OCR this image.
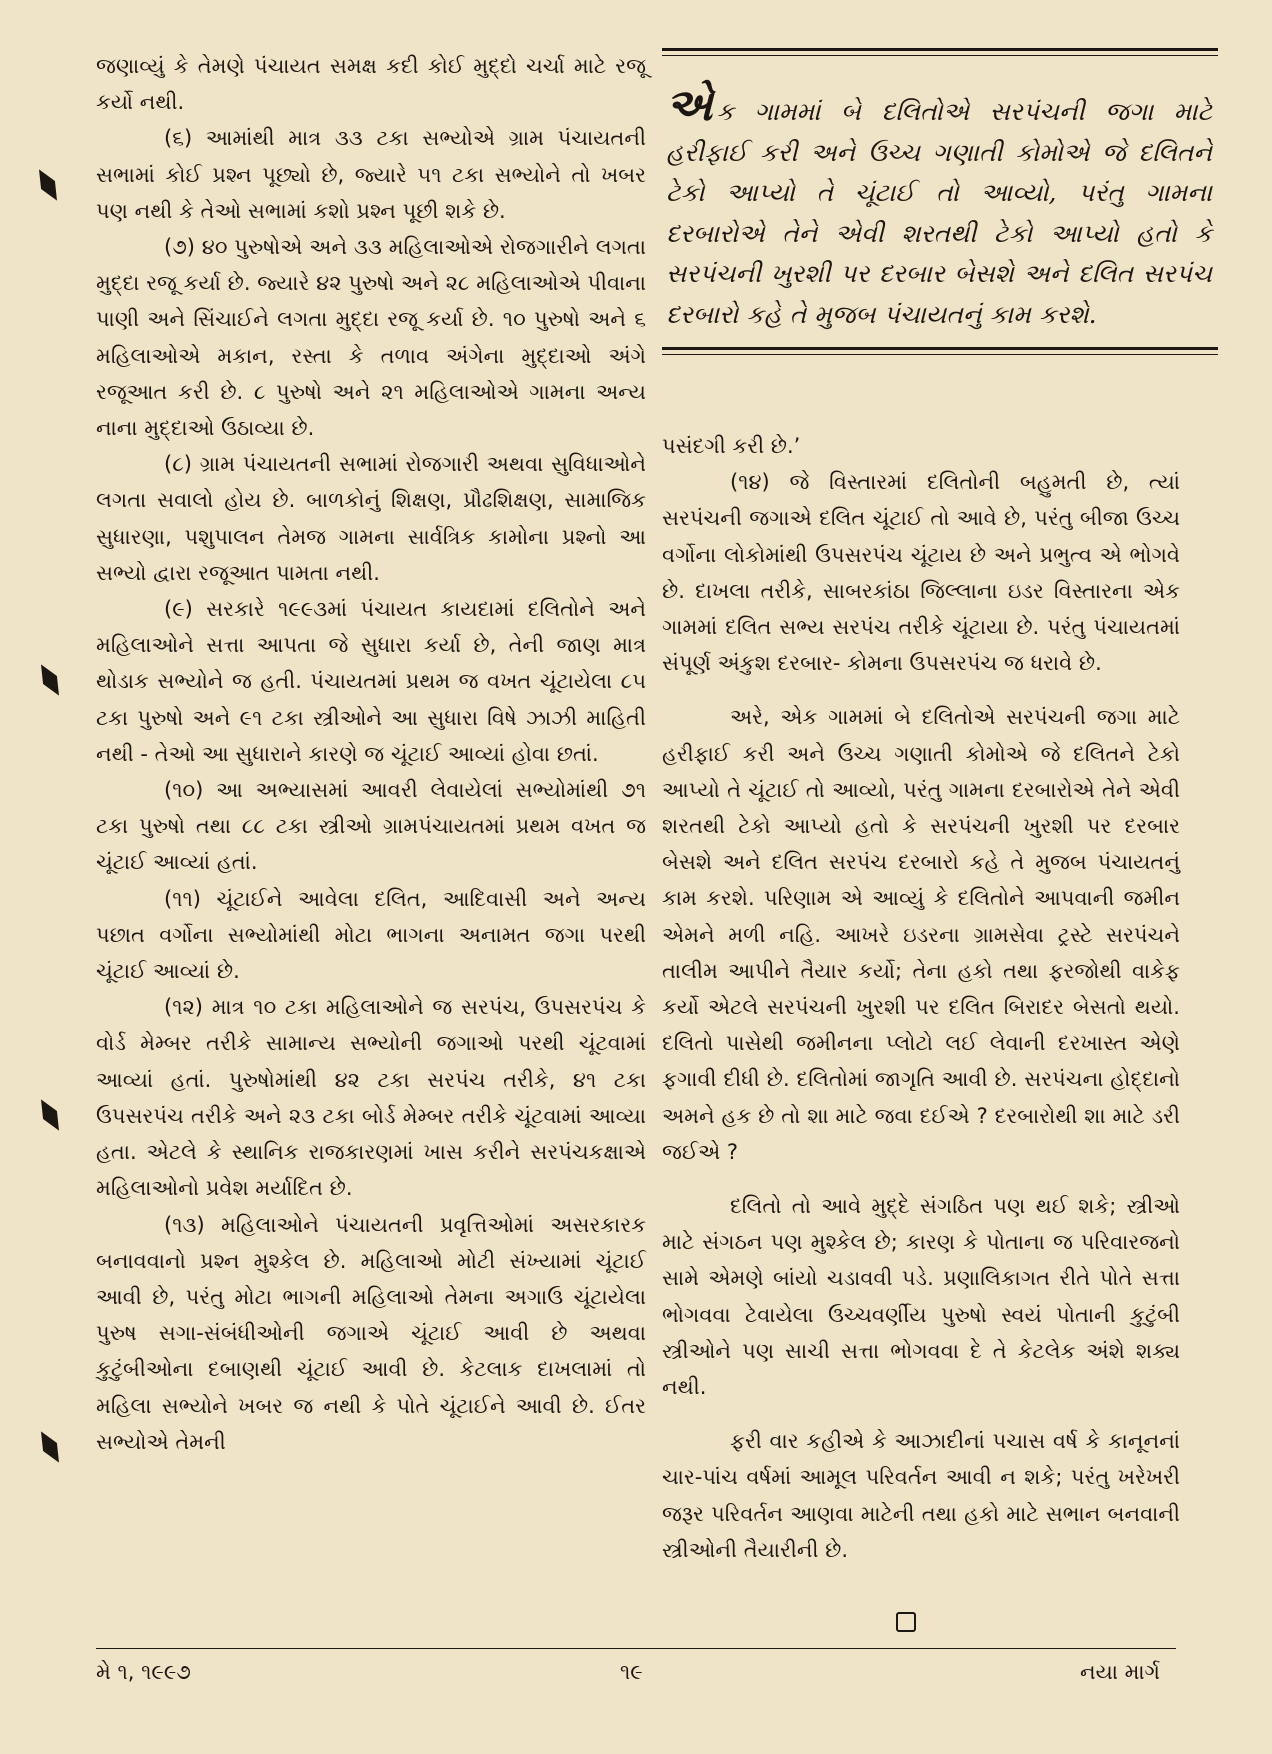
જણાવ્યું કે તેમણે પંચાયત સમક્ષ કદી કોઈ મુદ્દો ચર્ચા માટે રજૂ કર્યો નથી.

(૬) આમાંથી માત્ર ૩૩ ટકા સભ્યોએ ગ્રામ પંચાયતની સભામાં કોઈ પ્રશ્ન પૂછ્યો છે, જ્યારે ૫૧ ટકા સભ્યોને તો ખબર પણ નથી કે તેઓ સભામાં કશો પ્રશ્ન પૂછી શકે છે.

(૭) ૪૦ પુરુષોએ અને ૩૩ મહિલાઓએ રોજગારીને લગતા મુદ્દા રજૂ કર્યા છે. જ્યારે ૪૨ પુરુષો અને ૨૮ મહિલાઓએ પીવાના પાણી અને સિંચાઈને લગતા મુદ્દા રજૂ કર્યા છે. ૧૦ પુરુષો અને ૬ મહિલાઓએ મકાન, રસ્તા કે તળાવ અંગેના મુદ્દાઓ અંગે રજૂઆત કરી છે. ૮ પુરુષો અને ૨૧ મહિલાઓએ ગામના અન્ય નાના મુદ્દાઓ ઉઠાવ્યા છે.

(૮) ગ્રામ પંચાયતની સભામાં રોજગારી અથવા સુવિધાઓને લગતા સવાલો હોય છે. બાળકોનું શિક્ષણ, પ્રૌઢશિક્ષણ, સામાજિક સુધારણા, પશુપાલન તેમજ ગામના સાર્વત્રિક કામોના પ્રશ્નો આ સભ્યો દ્વારા રજૂઆત પામતા નથી.

(૯) સરકારે ૧૯૯૩માં પંચાયત કાયદામાં દલિતોને અને મહિલાઓને સત્તા આપતા જે સુધારા કર્યા છે, તેની જાણ માત્ર થોડાક સભ્યોને જ હતી. પંચાયતમાં પ્રથમ જ વખત ચૂંટાયેલા ૮૫ ટકા પુરુષો અને ૯૧ ટકા સ્ત્રીઓને આ સુધારા વિષે ઝાઝી માહિતી નથી - તેઓ આ સુધારાને કારણે જ ચૂંટાઈ આવ્યાં હોવા છતાં.

(૧૦) આ અભ્યાસમાં આવરી લેવાયેલાં સભ્યોમાંથી ૭૧ ટકા પુરુષો તથા ૮૮ ટકા સ્ત્રીઓ ગ્રામપંચાયતમાં પ્રથમ વખત જ ચૂંટાઈ આવ્યાં હતાં.

(૧૧) ચૂંટાઈને આવેલા દલિત, આદિવાસી અને અન્ય પછાત વર્ગોના સભ્યોમાંથી મોટા ભાગના અનામત જગા પરથી ચૂંટાઈ આવ્યાં છે.

(૧૨) માત્ર ૧૦ ટકા મહિલાઓને જ સરપંચ, ઉપસરપંચ કે વોર્ડ મેમ્બર તરીકે સામાન્ય સભ્યોની જગાઓ પરથી ચૂંટવામાં આવ્યાં હતાં. પુરુષોમાંથી ૪૨ ટકા સરપંચ તરીકે, ૪૧ ટકા ઉપસરપંચ તરીકે અને ૨૩ ટકા બોર્ડ મેમ્બર તરીકે ચૂંટવામાં આવ્યા હતા. એટલે કે સ્થાનિક રાજકારણમાં ખાસ કરીને સરપંચકક્ષાએ મહિલાઓનો પ્રવેશ મર્યાદિત છે.

(૧૩) મહિલાઓને પંચાયતની પ્રવૃત્તિઓમાં અસરકારક બનાવવાનો પ્રશ્ન મુશ્કેલ છે. મહિલાઓ મોટી સંખ્યામાં ચૂંટાઈ આવી છે, પરંતુ મોટા ભાગની મહિલાઓ તેમના અગાઉ ચૂંટાયેલા પુરુષ સગા-સંબંધીઓની જગાએ ચૂંટાઈ આવી છે અથવા કુટુંબીઓના દબાણથી ચૂંટાઈ આવી છે. કેટલાક દાખલામાં તો મહિલા સભ્યોને ખબર જ નથી કે પોતે ચૂંટાઈને આવી છે. ઈતર સભ્યોએ તેમની

એક ગામમાં બે દલિતોએ સરપંચની જગા માટે હરીફાઈ કરી અને ઉચ્ચ ગણાતી કોમોએ જે દલિતને ટેકો આપ્યો તે ચૂંટાઈ તો આવ્યો, પરંતુ ગામના દરબારોએ તેને એવી શરતથી ટેકો આપ્યો હતો કે સરપંચની ખુરશી પર દરબાર બેસશે અને દલિત સરપંચ દરબારો કહે તે મુજબ પંચાયતનું કામ કરશે.

પસંદગી કરી છે.’

(૧૪) જે વિસ્તારમાં દલિતોની બહુમતી છે, ત્યાં સરપંચની જગાએ દલિત ચૂંટાઈ તો આવે છે, પરંતુ બીજા ઉચ્ચ વર્ગોના લોકોમાંથી ઉપસરપંચ ચૂંટાય છે અને પ્રભુત્વ એ ભોગવે છે. દાખલા તરીકે, સાબરકાંઠા જિલ્લાના ઇડર વિસ્તારના એક ગામમાં દલિત સભ્ય સરપંચ તરીકે ચૂંટાયા છે. પરંતુ પંચાયતમાં સંપૂર્ણ અંકુશ દરબાર- કોમના ઉપસરપંચ જ ધરાવે છે.

અરે, એક ગામમાં બે દલિતોએ સરપંચની જગા માટે હરીફાઈ કરી અને ઉચ્ચ ગણાતી કોમોએ જે દલિતને ટેકો આપ્યો તે ચૂંટાઈ તો આવ્યો, પરંતુ ગામના દરબારોએ તેને એવી શરતથી ટેકો આપ્યો હતો કે સરપંચની ખુરશી પર દરબાર બેસશે અને દલિત સરપંચ દરબારો કહે તે મુજબ પંચાયતનું કામ કરશે. પરિણામ એ આવ્યું કે દલિતોને આપવાની જમીન એમને મળી નહિ. આખરે ઇડરના ગ્રામસેવા ટ્રસ્ટે સરપંચને તાલીમ આપીને તૈયાર કર્યો; તેના હકો તથા ફરજોથી વાકેફ કર્યો એટલે સરપંચની ખુરશી પર દલિત બિરાદર બેસતો થયો. દલિતો પાસેથી જમીનના પ્લોટો લઈ લેવાની દરખાસ્ત એણે ફગાવી દીધી છે. દલિતોમાં જાગૃતિ આવી છે. સરપંચના હોદ્દાનો અમને હક છે તો શા માટે જવા દઈએ ? દરબારોથી શા માટે ડરી જઈએ ?

દલિતો તો આવે મુદ્દે સંગઠિત પણ થઈ શકે; સ્ત્રીઓ માટે સંગઠન પણ મુશ્કેલ છે; કારણ કે પોતાના જ પરિવારજનો સામે એમણે બાંયો ચડાવવી પડે. પ્રણાલિકાગત રીતે પોતે સત્તા ભોગવવા ટેવાયેલા ઉચ્ચવર્ણીય પુરુષો સ્વયં પોતાની કુટુંબી સ્ત્રીઓને પણ સાચી સત્તા ભોગવવા દે તે કેટલેક અંશે શક્ય નથી.

ફરી વાર કહીએ કે આઝાદીનાં પચાસ વર્ષ કે કાનૂનનાં ચાર-પાંચ વર્ષમાં આમૂલ પરિવર્તન આવી ન શકે; પરંતુ ખરેખરી જરૂર પરિવર્તન આણવા માટેની તથા હકો માટે સભાન બનવાની સ્ત્રીઓની તૈયારીની છે.

મે ૧, ૧૯૯૭	૧૯	નયા માર્ગ
